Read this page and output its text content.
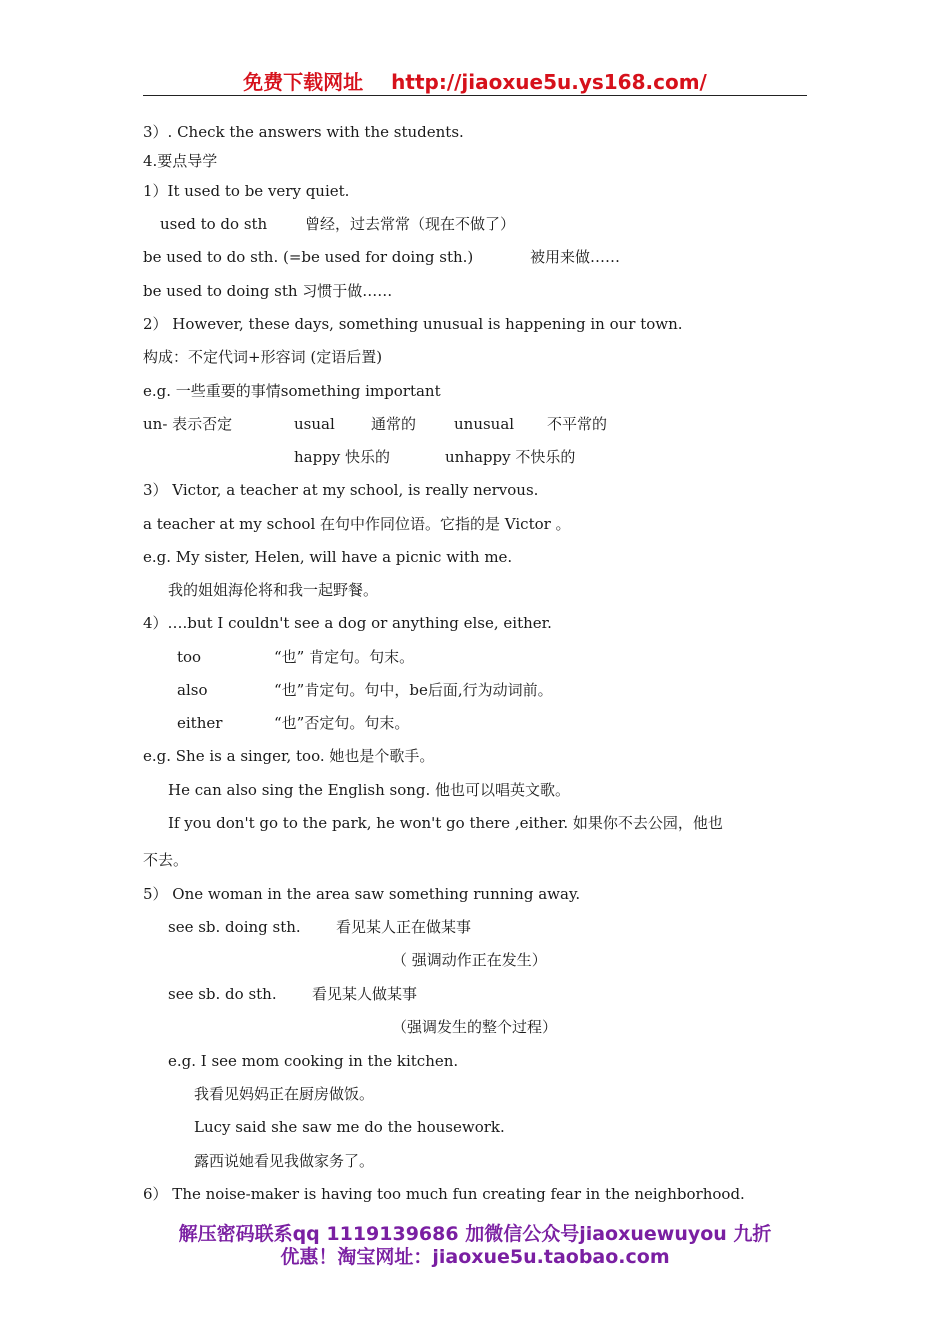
免费下载网址 http://jiaoxue5u.ys168.com/
3）. Check the answers with the students.
4.要点导学
1）It used to be very quiet.
used to do sth	曾经，过去常常（现在不做了）
be used to do sth. (=be used for doing sth.)	被用来做……
be used to doing sth 习惯于做……
2） However, these days, something unusual is happening in our town.
构成：不定代词+形容词 (定语后置)
e.g. 一些重要的事情something important
un- 表示否定	usual 通常的	unusual 不平常的
happy 快乐的	unhappy 不快乐的
3） Victor, a teacher at my school, is really nervous.
a teacher at my school 在句中作同位语。它指的是 Victor 。
e.g. My sister, Helen, will have a picnic with me.
我的姐姐海伦将和我一起野餐。
4）….but I couldn't see a dog or anything else, either.
too	“也” 肯定句。句末。
also	“也”肯定句。句中，be后面,行为动词前。
either	“也”否定句。句末。
e.g. She is a singer, too. 她也是个歌手。
He can also sing the English song. 他也可以唱英文歌。
If you don't go to the park, he won't go there ,either. 如果你不去公园，他也
不去。
5） One woman in the area saw something running away.
see sb. doing sth. 看见某人正在做某事
（ 强调动作正在发生）
see sb. do sth. 看见某人做某事
（强调发生的整个过程）
e.g. I see mom cooking in the kitchen.
我看见妈妈正在厨房做饭。
Lucy said she saw me do the housework.
露西说她看见我做家务了。
6） The noise-maker is having too much fun creating fear in the neighborhood.
解压密码联系qq 1119139686 加微信公众号jiaoxuewuyou 九折
优惠！淘宝网址：jiaoxue5u.taobao.com
